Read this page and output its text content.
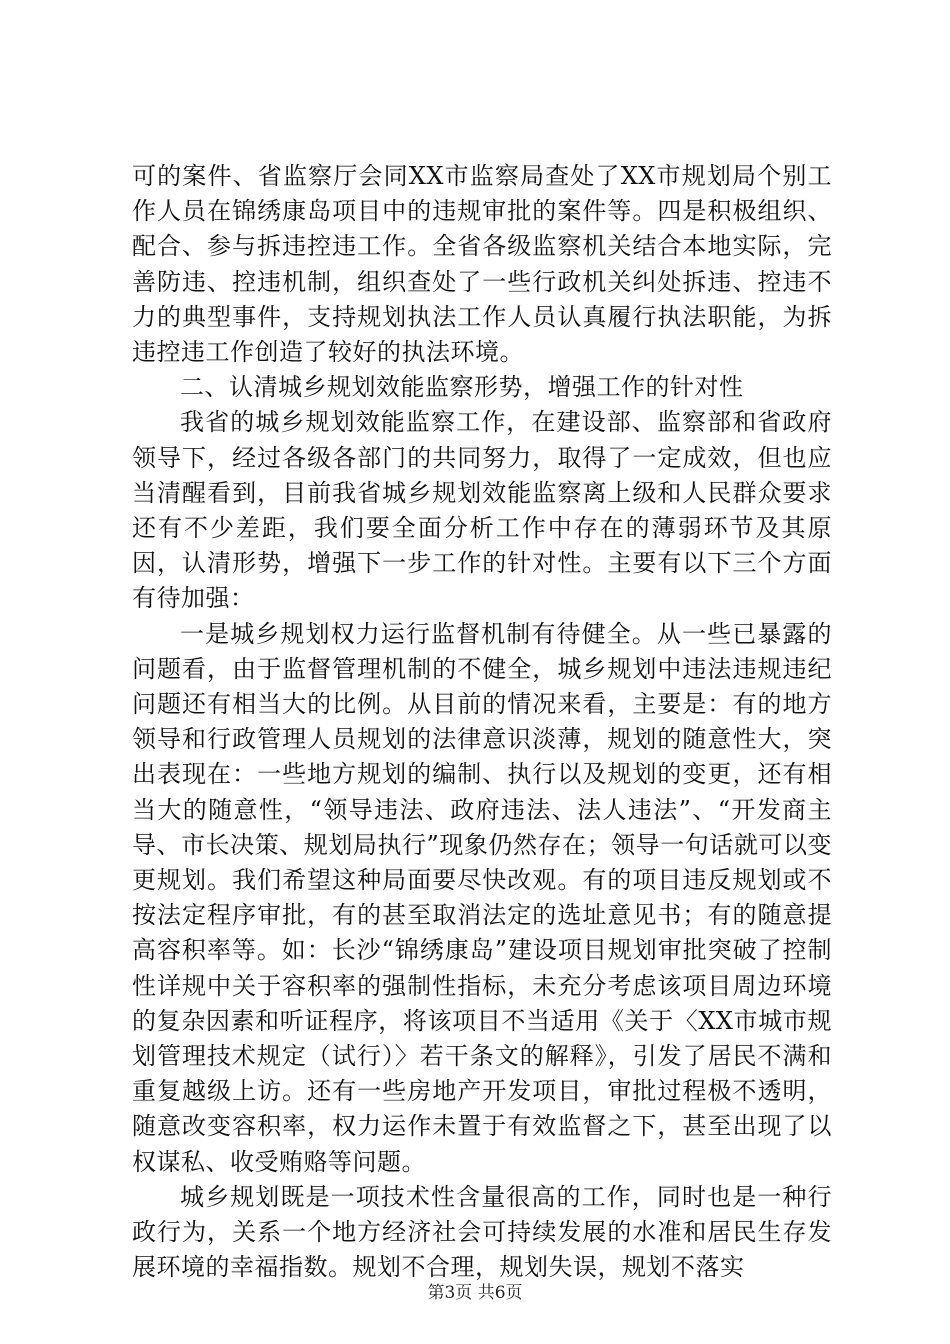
可的案件、省监察厅会同XX市监察局查处了XX市规划局个别工作人员在锦绣康岛项目中的违规审批的案件等。四是积极组织、配合、参与拆违控违工作。全省各级监察机关结合本地实际，完善防违、控违机制，组织查处了一些行政机关纠处拆违、控违不力的典型事件，支持规划执法工作人员认真履行执法职能，为拆违控违工作创造了较好的执法环境。

二、认清城乡规划效能监察形势，增强工作的针对性

我省的城乡规划效能监察工作，在建设部、监察部和省政府领导下，经过各级各部门的共同努力，取得了一定成效，但也应当清醒看到，目前我省城乡规划效能监察离上级和人民群众要求还有不少差距，我们要全面分析工作中存在的薄弱环节及其原因，认清形势，增强下一步工作的针对性。主要有以下三个方面有待加强：

一是城乡规划权力运行监督机制有待健全。从一些已暴露的问题看，由于监督管理机制的不健全，城乡规划中违法违规违纪问题还有相当大的比例。从目前的情况来看，主要是：有的地方领导和行政管理人员规划的法律意识淡薄，规划的随意性大，突出表现在：一些地方规划的编制、执行以及规划的变更，还有相当大的随意性，“领导违法、政府违法、法人违法”、“开发商主导、市长决策、规划局执行”现象仍然存在；领导一句话就可以变更规划。我们希望这种局面要尽快改观。有的项目违反规划或不按法定程序审批，有的甚至取消法定的选址意见书；有的随意提高容积率等。如：长沙“锦绣康岛”建设项目规划审批突破了控制性详规中关于容积率的强制性指标，未充分考虑该项目周边环境的复杂因素和听证程序，将该项目不当适用《关于〈XX市城市规划管理技术规定（试行）〉若干条文的解释》，引发了居民不满和重复越级上访。还有一些房地产开发项目，审批过程极不透明，随意改变容积率，权力运作未置于有效监督之下，甚至出现了以权谋私、收受贿赂等问题。

城乡规划既是一项技术性含量很高的工作，同时也是一种行政行为，关系一个地方经济社会可持续发展的水准和居民生存发展环境的幸福指数。规划不合理，规划失误，规划不落实

第3页 共6页
